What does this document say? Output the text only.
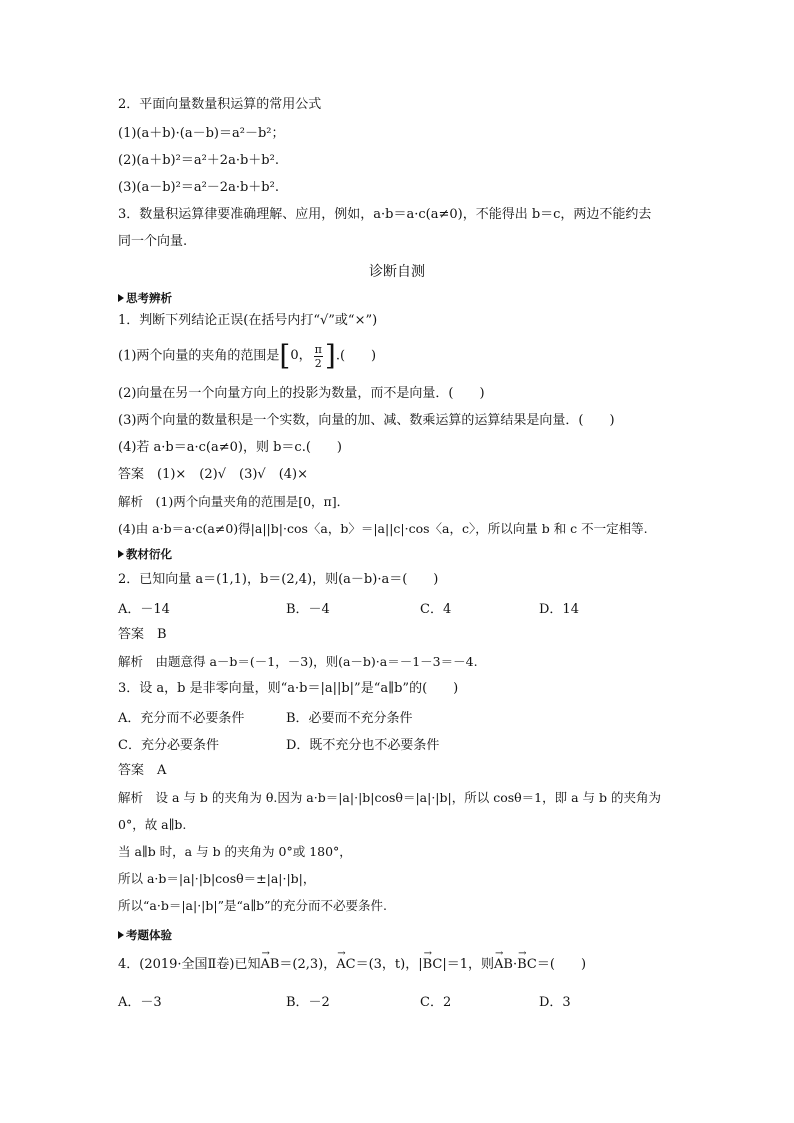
2．平面向量数量积运算的常用公式
(1)(a＋b)·(a－b)＝a²－b²；
(2)(a＋b)²＝a²＋2a·b＋b².
(3)(a－b)²＝a²－2a·b＋b².
3．数量积运算律要准确理解、应用，例如，a·b＝a·c(a≠0)，不能得出 b＝c，两边不能约去
同一个向量.
诊断自测
思考辨析
1．判断下列结论正误(在括号内打“√”或“×”)
(1)两个向量的夹角的范围是 [ 0， $\frac{\pi}{2}$ ] .(　　)
(2)向量在另一个向量方向上的投影为数量，而不是向量．(　　)
(3)两个向量的数量积是一个实数，向量的加、减、数乘运算的运算结果是向量．(　　)
(4)若 a·b＝a·c(a≠0)，则 b＝c.(　　)
答案　(1)×　(2)√　(3)√　(4)×
解析　(1)两个向量夹角的范围是[0，π]．
(4)由 a·b＝a·c(a≠0)得|a||b|·cos〈a，b〉＝|a||c|·cos〈a，c〉，所以向量 b 和 c 不一定相等.
教材衍化
2．已知向量 a＝(1,1)，b＝(2,4)，则(a－b)·a＝(　　)
A．－14	B．－4	C．4	D．14
答案　B
解析　由题意得 a－b＝(－1，－3)，则(a－b)·a＝－1－3＝－4.
3．设 a，b 是非零向量，则“a·b＝|a||b|”是“a∥b”的(　　)
A．充分而不必要条件	B．必要而不充分条件
C．充分必要条件	D．既不充分也不必要条件
答案　A
解析　设 a 与 b 的夹角为 θ.因为 a·b＝|a|·|b|cosθ＝|a|·|b|，所以 cosθ＝1，即 a 与 b 的夹角为
0°，故 a∥b.
当 a∥b 时，a 与 b 的夹角为 0°或 180°，
所以 a·b＝|a|·|b|cosθ＝±|a|·|b|，
所以“a·b＝|a|·|b|”是“a∥b”的充分而不必要条件.
考题体验
4．(2019·全国Ⅱ卷)已知→ AB＝(2,3)，→ AC＝(3，t)，|→ BC|＝1，则→ AB·→ BC＝(　　)
A．－3	B．－2	C．2	D．3
